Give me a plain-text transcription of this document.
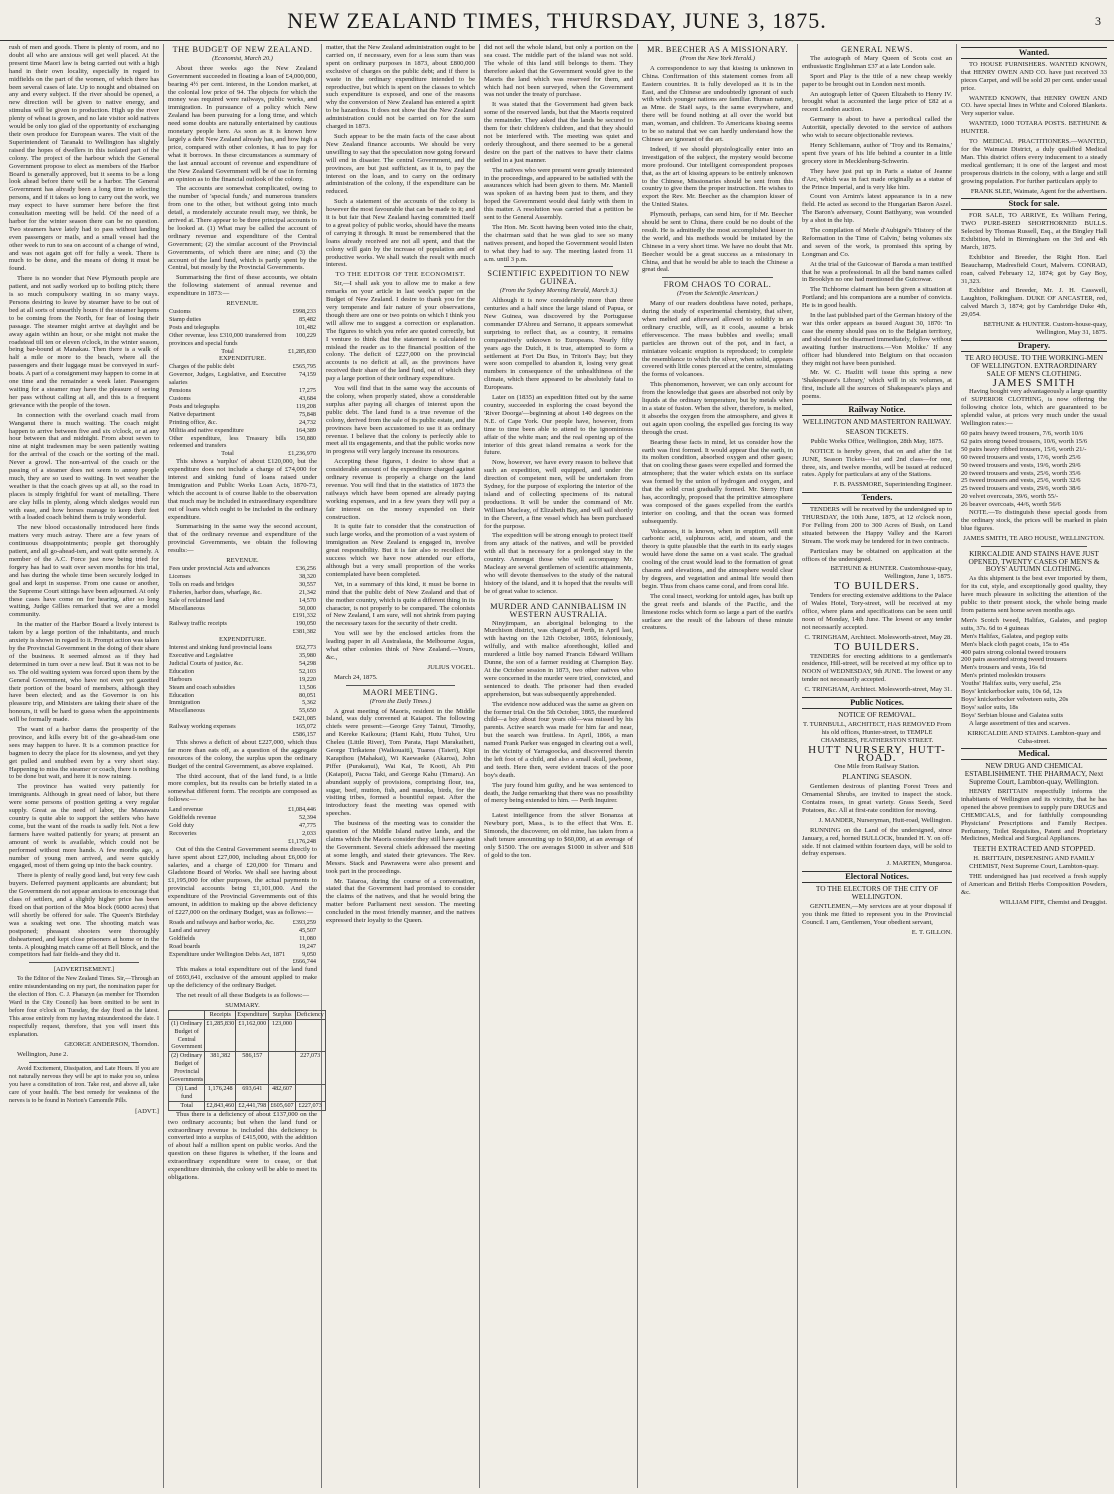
NEW ZEALAND TIMES, THURSDAY, JUNE 3, 1875.	3

rush of men and goods. There is plenty of room, and no doubt all who are anxious will get well placed. At the present time Maori law is being carried out with a high hand in their own locality, especially in regard to midfields on the part of the women, of which there has been several cases of late. Up to nought and obtained on any and every subject. If the river should be opened, a new direction will be given to native energy, and stimulus will be given to production. High up the river plenty of wheat is grown, and no late visitor sold natives would be only too glad of the opportunity of exchanging their own produce for European wares. The visit of the Superintendent of Taranaki to Wellington has slightly raised the hopes of dwellers in this isolated part of the colony. The project of the harbour which the General Government propose to elect as members of the Harbor Board is generally approved, but it seems to be a long look ahead before there will be a harbor. The General Government has already been a long time in selecting persons, and if it takes so long to carry out the work, we may expect to have summer here before the first consultation meeting will be held. Of the need of a harbor for the winter season there can be no question. Two steamers have lately had to pass without landing even passengers or mails, and a small vessel had the other week to run to sea on account of a change of wind, and was not again got off for fully a week. There is much to be done, and the means of doing it must be found.

There is no wonder that New Plymouth people are patient, and not sadly worked up to boiling pitch; there is so much compulsory waiting in so many ways. Persons desiring to leave by steamer have to be out of bed at all sorts of unearthly hours if the steamer happens to be coming from the North, for fear of losing their passage. The steamer might arrive at daylight and be away again within an hour, or she might not make the roadstead till ten or eleven o'clock, in the winter season, being bar-bound at Manakau. Then there is a walk of half a mile or more to the beach, where all the passengers and their luggage must be conveyed in surf-boats. A part of a consignment may happen to come in at one time and the remainder a week later. Passengers waiting for a steamer may have the pleasure of seeing her pass without calling at all, and this is a frequent grievance with the people of the town.

In connection with the overland coach mail from Wanganui there is much waiting. The coach might happen to arrive between five and six o'clock, or at any hour between that and midnight. From about seven to nine at night tradesmen may be seen patiently waiting for the arrival of the coach or the sorting of the mail. Never a growl. The non-arrival of the coach or the passing of a steamer does not seem to annoy people much, they are so used to waiting. In wet weather the weather is that the coach gives up at all, so the road in places is simply frightful for want of metalling. There are clay hills in plenty, along which sledges would run with ease, and how horses manage to keep their feet with a loaded coach behind them is truly wonderful.

The new blood occasionally introduced here finds matters very much astray. There are a few years of continuous disappointments; people get thoroughly patient, and all go-ahead-ism, and wait quite serenely. A member of the A.C. Force just now being tried for forgery has had to wait over seven months for his trial, and has during the whole time been securely lodged in goal and kept in suspense. From one cause or another, the Supreme Court sittings have been adjourned. At only these cases have come on for hearing, after so long waiting, Judge Gillies remarked that we are a model community.

In the matter of the Harbor Board a lively interest is taken by a large portion of the inhabitants, and much anxiety is shown in regard to it. Prompt action was taken by the Provincial Government in the doing of their share of the business. It seemed almost as if they had determined in turn over a new leaf. But it was not to be so. The old waiting system was forced upon them by the General Government, who have not even yet gazetted their portion of the board of members, although they have been elected; and as the Governor is on his pleasure trip, and Ministers are taking their share of the honours, it will be hard to guess when the appointments will be formally made.

The want of a harbor dams the prosperity of the province, and kills every bit of the go-ahead-ism one sees may happen to have. It is a common practice for bagmen to decry the place for its slowness, and yet they get pulled and snubbed even by a very short stay. Happening to miss the steamer or coach, there is nothing to be done but wait, and here it is now raining.

The province has waited very patiently for immigrants. Although in great need of labor, but there were some persons of position getting a very regular supply. Great as the need of labor, the Manawatu country is quite able to support the settlers who have come, but the want of the roads is sadly felt. Not a few farmers have waited patiently for years; at present an amount of work is available, which could not be performed without more hands. A few months ago, a number of young men arrived, and were quickly engaged, most of them going up into the back country.

There is plenty of really good land, but very few cash buyers. Deferred payment applicants are abundant; but the Government do not appear anxious to encourage that class of settlers, and a slightly higher price has been fixed on that portion of the Moa block (6000 acres) that will shortly be offered for sale. The Queen's Birthday was a soaking wet one. The shooting match was postponed; pheasant shooters were thoroughly disheartened, and kept close prisoners at home or in the tents. A ploughing match came off at Bell Block, and the competitors had fair fields-and they did it.

[ADVERTISEMENT.]

To the Editor of the New Zealand Times. Sir,—Through an entire misunderstanding on my part, the nomination paper for the election of Hon. C. J. Pharazyn (as member for Thorndon Ward in the City Council) has been omitted to be sent in before four o'clock on Tuesday, the day fixed as the latest. This arose entirely from my having misunderstood the date. I respectfully request, therefore, that you will insert this explanation.

GEORGE ANDERSON, Thorndon.

Wellington, June 2.

Avoid Excitement, Dissipation, and Late Hours. If you are not naturally nervous they will be apt to make you so, unless you have a constitution of iron. Take rest, and above all, take care of your health. The best remedy for weakness of the nerves is to be found in Norton's Camomile Pills.

[ADVT.]

THE BUDGET OF NEW ZEALAND.
(Economist, March 20.)

About three weeks ago the New Zealand Government succeeded in floating a loan of £4,000,000, bearing 4½ per cent. interest, in the London market, at the colonial low price of 94. The objects for which the money was required were railways, public works, and immigration. In pursuance of a policy which New Zealand has been pursuing for a long time, and which need some doubts are naturally entertained by cautious monetary people here. As soon as it is known how largely a debt New Zealand already has, and how high a price, compared with other colonies, it has to pay for what it borrows. In these circumstances a summary of the last annual account of revenue and expenditure of the New Zealand Government will be of use in forming an opinion as to the financial outlook of the colony.

The accounts are somewhat complicated, owing to the number of 'special funds,' and numerous transfers from one to the other, but without going into much detail, a moderately accurate result may, we think, be arrived at. There appear to be three principal accounts to be looked at. (1) What may be called the account of ordinary revenue and expenditure of the Central Government; (2) the similar account of the Provincial Governments, of which there are nine; and (3) the account of the land fund, which is partly spent by the Central, but mostly by the Provincial Governments.

Summarising the first of these accounts, we obtain the following statement of annual revenue and expenditure in 1873:—

REVENUE.
Customs	£998,233
Stamp duties	85,482
Posts and telegraphs	101,482
Other revenue, less £310,000 transferred from provinces and special funds	100,229
Total	£1,285,830
EXPENDITURE.
Charges of the public debt	£565,795
Governor, Judges, Legislative, and Executive salaries	74,159
Pensions	17,275
Customs	43,684
Posts and telegraphs	119,208
Native department	75,848
Printing office, &c.	24,732
Militia and native expenditure	164,389
Other expenditure, less Treasury bills redeemed and transfers	150,880
Total	£1,236,970

This shows a 'surplus' of about £120,000, but the expenditure does not include a charge of £74,000 for interest and sinking fund of loans raised under Immigration and Public Works Loan Acts, 1870-73, which the account is of course liable to the observation that much may be included in extraordinary expenditure out of loans which ought to be included in the ordinary expenditure.

Summarising in the same way the second account, that of the ordinary revenue and expenditure of the provincial Governments, we obtain the following results:—

REVENUE.
Fees under provincial Acts and advances	£36,256
Licenses	38,320
Tolls on roads and bridges	30,557
Fisheries, harbor dues, wharfage, &c.	21,342
Sale of reclaimed land	14,570
Miscellaneous	50,000
	£191,332
Railway traffic receipts	190,050
	£381,382
EXPENDITURE.
Interest and sinking fund provincial loans	£62,773
Executive and Legislative	35,980
Judicial Courts of justice, &c.	54,298
Education	52,103
Harbours	19,220
Steam and coach subsidies	13,506
Education	80,051
Immigration	5,362
Miscellaneous	55,650
	£421,085
Railway working expenses	165,072
	£586,157

This shows a deficit of about £227,000, which thus far more than eats off, as a question of the aggregate resources of the colony, the surplus upon the ordinary Budget of the central Government, as above explained.

The third account, that of the land fund, is a little more complex, but its results can be briefly stated in a somewhat different form. The receipts are composed as follows:—

Land revenue	£1,084,446
Goldfields revenue	52,394
Gold duty	47,775
Recoveries	2,033
	£1,176,248

Out of this the Central Government seems directly to have spent about £27,000, including about £6,000 for salaries, and a charge of £20,000 for Timaru and Gladstone Board of Works. We shall see having about £1,195,000 for other purposes, the actual payments to provincial accounts being £1,101,000. And the expenditure of the Provincial Governments out of this amount, in addition to making up the above deficiency of £227,000 on the ordinary Budget, was as follows:—

Roads and railways and harbor works, &c.	£393,259
Land and survey	45,507
Goldfields	11,080
Road boards	19,247
Expenditure under Wellington Debts Act, 1871	9,050
	£666,744

This makes a total expenditure out of the land fund of £693,641, exclusive of the amount applied to make up the deficiency of the ordinary Budget.

The net result of all these Budgets is as follows:—

SUMMARY.
	Receipts	Expenditure	Surplus	Deficiency
(1) Ordinary Budget of Central Government	£1,285,830	£1,162,000	123,000	
(2) Ordinary Budget of Provincial Governments	381,382	586,157		227,073
(3) Land fund	1,176,248	693,641	482,607	
Total	£2,843,460	£2,441,798	£605,607	£227,073

Thus there is a deficiency of about £137,000 on the two ordinary accounts; but when the land fund or extraordinary revenue is included this deficiency is converted into a surplus of £415,000, with the addition of about half a million spent on public works. And the question on these figures is whether, if the loans and extraordinary expenditure were to cease, or that expenditure diminish, the colony will be able to meet its obligations.

matter, that the New Zealand administration ought to be carried on, if necessary, even for a less sum than was spent on ordinary purposes in 1873, about £800,000 exclusive of charges on the public debt; and if there is waste in the ordinary expenditure intended to be reproductive, but which is spent on the classes to which such expenditure is exposed, and one of the reasons why the conversion of New Zealand has entered a spirit to be hazardous. It does not show that the New Zealand administration could not be carried on for the sum charged in 1873.

Such appear to be the main facts of the case about New Zealand finance accounts. We should be very unwilling to say that the speculation now going forward will end in disaster. The central Government, and the provinces, are but just sufficient, as it is, to pay the interest on the loan, and to carry on the ordinary administration of the colony, if the expenditure can be reduced.

Such a statement of the accounts of the colony is however the most favourable that can be made to it; and it is but fair that New Zealand having committed itself to a great policy of public works, should have the means of carrying it through. It must be remembered that the loans already received are not all spent, and that the colony will gain by the increase of population and of productive works. We shall watch the result with much interest.

TO THE EDITOR OF THE ECONOMIST.

Sir,—I shall ask you to allow me to make a few remarks on your article in last week's paper on the Budget of New Zealand. I desire to thank you for the very temperate and fair nature of your observations, though there are one or two points on which I think you will allow me to suggest a correction or explanation. The figures to which you refer are quoted correctly, but I venture to think that the statement is calculated to mislead the reader as to the financial position of the colony. The deficit of £227,000 on the provincial accounts is no deficit at all, as the provinces have received their share of the land fund, out of which they pay a large portion of their ordinary expenditure.

You will find that in the same way the accounts of the colony, when properly stated, show a considerable surplus after paying all charges of interest upon the public debt. The land fund is a true revenue of the colony, derived from the sale of its public estate, and the provinces have been accustomed to use it as ordinary revenue. I believe that the colony is perfectly able to meet all its engagements, and that the public works now in progress will very largely increase its resources.

Accepting these figures, I desire to show that a considerable amount of the expenditure charged against ordinary revenue is properly a charge on the land revenue. You will find that in the statistics of 1873 the railways which have been opened are already paying working expenses, and in a few years they will pay a fair interest on the money expended on their construction.

It is quite fair to consider that the construction of such large works, and the promotion of a vast system of immigration as New Zealand is engaged in, involve great responsibility. But it is fair also to recollect the success which we have now attended our efforts, although but a very small proportion of the works contemplated have been completed.

Yet, in a summary of this kind, it must be borne in mind that the public debt of New Zealand and that of the mother country, which is quite a different thing in its character, is not properly to be compared. The colonists of New Zealand, I am sure, will not shrink from paying the necessary taxes for the security of their credit.

You will see by the enclosed articles from the leading paper in all Australasia, the Melbourne Argus, what other colonies think of New Zealand.—Yours, &c.,

JULIUS VOGEL.

March 24, 1875.

MAORI MEETING.
(From the Daily Times.)

A great meeting of Maoris, resident in the Middle Island, was duly convened at Kaiapoi. The following chiefs were present:—George Grey Tainui, Timothy, and Kereke Kaikoura; (Hami Kahi, Hutu Tuhoi, Uru Cheleu (Little River), Tom Parata, Hapi Marakaiheti, George Tirikatene (Waikouaiti), Tuarea (Taieri), Kipi Karapihou (Mahakai), Wi Kaewaeke (Akaroa), John Piffer (Purakanui), Wai Kai, Te Kooti, Ah Piti (Kaiapoi), Pacoa Taki, and George Kahu (Timaru). An abundant supply of provisions, comprising flour, tea, sugar, beef, mutton, fish, and manuka, birds, for the visiting tribes, formed a bountiful repast. After the introductory feast the meeting was opened with speeches.

The business of the meeting was to consider the question of the Middle Island native lands, and the claims which the Maoris consider they still have against the Government. Several chiefs addressed the meeting at some length, and stated their grievances. The Rev. Messrs. Stack and Pawrawera were also present and took part in the proceedings.

Mr. Taiaroa, during the course of a conversation, stated that the Government had promised to consider the claims of the natives, and that he would bring the matter before Parliament next session. The meeting concluded in the most friendly manner, and the natives expressed their loyalty to the Queen.

did not sell the whole island, but only a portion on the sea coast. The middle part of the island was not sold. The whole of this land still belongs to them. They therefore asked that the Government would give to the Maoris the land which was reserved for them, and which had not been surveyed, when the Government was not under the treaty of purchase.

It was stated that the Government had given back some of the reserved lands, but that the Maoris required the remainder. They asked that the lands be secured to them for their children's children, and that they should not be interfered with. The meeting was quiet and orderly throughout, and there seemed to be a general desire on the part of the natives to have their claims settled in a just manner.

The natives who were present were greatly interested in the proceedings, and appeared to be satisfied with the assurances which had been given to them. Mr. Mantell was spoken of as having been just to them, and they hoped the Government would deal fairly with them in this matter. A resolution was carried that a petition be sent to the General Assembly.

The Hon. Mr. Scott having been voted into the chair, the chairman said that he was glad to see so many natives present, and hoped the Government would listen to what they had to say. The meeting lasted from 11 a.m. until 3 p.m.

SCIENTIFIC EXPEDITION TO NEW GUINEA.
(From the Sydney Morning Herald, March 3.)

Although it is now considerably more than three centuries and a half since the large island of Papua, or New Guinea, was discovered by the Portuguese commander D'Abreu and Serrano, it appears somewhat surprising to reflect that, as a country, it remains comparatively unknown to Europeans. Nearly fifty years ago the Dutch, it is true, attempted to form a settlement at Fort Du Bus, in Triton's Bay; but they were soon compelled to abandon it, losing very great numbers in consequence of the unhealthiness of the climate, which there appeared to be absolutely fatal to Europeans.

Later on (1835) an expedition fitted out by the same country, succeeded in exploring the coast beyond the 'River Doorga'—beginning at about 140 degrees on the N.E. of Cape York. Our people have, however, from time to time been able to attend to the ignominious affair of the white man; and the real opening up of the interior of this great island remains a work for the future.

Now, however, we have every reason to believe that such an expedition, well equipped, and under the direction of competent men, will be undertaken from Sydney, for the purpose of exploring the interior of the island and of collecting specimens of its natural productions. It will be under the command of Mr. William Macleay, of Elizabeth Bay, and will sail shortly in the Chevert, a fine vessel which has been purchased for the purpose.

The expedition will be strong enough to protect itself from any attack of the natives, and will be provided with all that is necessary for a prolonged stay in the country. Amongst those who will accompany Mr. Macleay are several gentlemen of scientific attainments, who will devote themselves to the study of the natural history of the island, and it is hoped that the results will be of great value to science.

MURDER AND CANNIBALISM IN WESTERN AUSTRALIA.

Ninyjimpam, an aboriginal belonging to the Murchison district, was charged at Perth, in April last, with having on the 12th October, 1865, feloniously, wilfully, and with malice aforethought, killed and murdered a little boy named Francis Edward William Dunne, the son of a farmer residing at Champion Bay. At the October session in 1873, two other natives who were concerned in the murder were tried, convicted, and sentenced to death. The prisoner had then evaded apprehension, but was subsequently apprehended.

The evidence now adduced was the same as given on the former trial. On the 5th October, 1865, the murdered child—a boy about four years old—was missed by his parents. Active search was made for him far and near, but the search was fruitless. In April, 1866, a man named Frank Parker was engaged in clearing out a well, in the vicinity of Yarragoocka, and discovered therein the left foot of a child, and also a small skull, jawbone, and teeth. Here then, were evident traces of the poor boy's death.

The jury found him guilty, and he was sentenced to death, the Judge remarking that there was no possibility of mercy being extended to him. — Perth Inquirer.

Latest intelligence from the silver Bonanza at Newbury port, Mass., is to the effect that Wm. E. Simonds, the discoverer, on old mine, has taken from a shaft tenure amounting up to $60,000, at an average of only $1500. The ore averages $1000 in silver and $18 of gold to the ton.

MR. BEECHER AS A MISSIONARY.
(From the New York Herald.)

A correspondence to say that kissing is unknown in China. Confirmation of this statement comes from all Eastern countries. It is fully developed as it is in the East, and the Chinese are undoubtedly ignorant of such with which younger nations are familiar. Human nature, as Mme. de Staël says, is the same everywhere, and there will be found nothing at all over the world but man, woman, and children. To Americans kissing seems to be so natural that we can hardly understand how the Chinese are ignorant of the art.

Indeed, if we should physiologically enter into an investigation of the subject, the mystery would become more profound. Our intelligent correspondent proposes that, as the art of kissing appears to be entirely unknown to the Chinese, Missionaries should be sent from this country to give them the proper instruction. He wishes to export the Rev. Mr. Beecher as the champion kisser of the United States.

Plymouth, perhaps, can send him, for if Mr. Beecher should be sent to China, there could be no doubt of the result. He is admittedly the most accomplished kisser in the world, and his methods would be imitated by the Chinese in a very short time. We have no doubt that Mr. Beecher would be a great success as a missionary in China, and that he would be able to teach the Chinese a great deal.

FROM CHAOS TO CORAL.
(From the Scientific American.)

Many of our readers doubtless have noted, perhaps, during the study of experimental chemistry, that silver, when melted and afterward allowed to solidify in an ordinary crucible, will, as it cools, assume a brisk effervescence. The mass bubbles and swells; small particles are thrown out of the pot, and in fact, a miniature volcanic eruption is reproduced; to complete the resemblance to which the silver, when solid, appears covered with little cones pierced at the centre, simulating the forms of volcanoes.

This phenomenon, however, we can only account for from the knowledge that gases are absorbed not only by liquids at the ordinary temperature, but by metals when in a state of fusion. When the silver, therefore, is melted, it absorbs the oxygen from the atmosphere, and gives it out again upon cooling, the expelled gas forcing its way through the crust.

Bearing these facts in mind, let us consider how the earth was first formed. It would appear that the earth, in its molten condition, absorbed oxygen and other gases; that on cooling these gases were expelled and formed the atmosphere; that the water which exists on its surface was formed by the union of hydrogen and oxygen, and that the solid crust gradually formed. Mr. Sterry Hunt has, accordingly, proposed that the primitive atmosphere was composed of the gases expelled from the earth's interior on cooling, and that the ocean was formed subsequently.

Volcanoes, it is known, when in eruption will emit carbonic acid, sulphurous acid, and steam, and the theory is quite plausible that the earth in its early stages would have done the same on a vast scale. The gradual cooling of the crust would lead to the formation of great chasms and elevations, and the atmosphere would clear by degrees, and vegetation and animal life would then begin. Thus from chaos came coral, and from coral life.

The coral insect, working for untold ages, has built up the great reefs and islands of the Pacific, and the limestone rocks which form so large a part of the earth's surface are the result of the labours of these minute creatures.

GENERAL NEWS.

The autograph of Mary Queen of Scots cost an enthusiastic Englishman £37 at a late London sale.

Sport and Play is the title of a new cheap weekly paper to be brought out in London next month.

An autograph letter of Queen Elizabeth to Henry IV. brought what is accounted the large price of £82 at a recent London auction.

Germany is about to have a periodical called the Autorität, specially devoted to the service of authors who wish to secure objectionable reviews.

Henry Schliemann, author of 'Troy and its Remains,' spent five years of his life behind a counter in a little grocery store in Mecklenburg-Schwerin.

They have just put up in Paris a statue of Jeanne d'Arc, which was in fact made originally as a statue of the Prince Imperial, and is very like him.

Count von Arnim's latest appearance is in a new field. He acted as second to the Hungarian Baron Aszel. The Baron's adversary, Count Batthyany, was wounded by a shot in the hip.

The compilation of Merle d'Aubigné's 'History of the Reformation in the Time of Calvin,' being volumes six and seven of the work, is promised this spring by Longman and Co.

At the trial of the Guicowar of Baroda a man testified that he was a professional. In all the band names called in Brooklyn no one had mentioned the Guicowar.

The Tichborne claimant has been given a situation at Portland; and his companions are a number of convicts. He is in good health.

In the last published part of the German history of the war this order appears as issued August 30, 1870: 'In case the enemy should pass on to the Belgian territory, and should not be disarmed immediately, follow without awaiting further instructions.—Von Moltke.' If any officer had blundered into Belgium on that occasion they might not have been punished.

Mr. W. C. Hazlitt will issue this spring a new 'Shakespeare's Library,' which will in six volumes, at first, include all the sources of Shakespeare's plays and poems.

Railway Notice.
WELLINGTON AND MASTERTON RAILWAY.
SEASON TICKETS.

Public Works Office, Wellington, 28th May, 1875.

NOTICE is hereby given, that on and after the 1st JUNE, Season Tickets—1st and 2nd class—for one, three, six, and twelve months, will be issued at reduced rates. Apply for particulars at any of the Stations.

F. B. PASSMORE, Superintending Engineer.

Tenders.

TENDERS will be received by the undersigned up to THURSDAY, the 10th June, 1875, at 12 o'clock noon, For Felling from 200 to 300 Acres of Bush, on Land situated between the Happy Valley and the Karori Stream. The work may be tendered for in two contracts.

Particulars may be obtained on application at the offices of the undersigned.

BETHUNE & HUNTER. Customhouse-quay, Wellington, June 1, 1875.

TO BUILDERS.

Tenders for erecting extensive additions to the Palace of Wales Hotel, Tory-street, will be received at my office, where plans and specifications can be seen until noon of Monday, 14th June. The lowest or any tender not necessarily accepted.

C. TRINGHAM, Architect. Molesworth-street, May 28.

TO BUILDERS.

TENDERS for erecting additions to a gentleman's residence, Hill-street, will be received at my office up to NOON of WEDNESDAY, 9th JUNE. The lowest or any tender not necessarily accepted.

C. TRINGHAM, Architect. Molesworth-street, May 31.

Public Notices.
NOTICE OF REMOVAL.

T. TURNBULL, ARCHITECT, HAS REMOVED From his old offices, Hunter-street, to TEMPLE CHAMBERS, FEATHERSTON STREET.

HUTT NURSERY, HUTT-ROAD.

One Mile from Railway Station.

PLANTING SEASON.

Gentlemen desirous of planting Forest Trees and Ornamental Shrubs, are invited to inspect the stock. Contains roses, in great variety. Grass Seeds, Seed Potatoes, &c. All at first-rate condition for moving.

J. MANDER, Nurseryman, Hutt-road, Wellington.

RUNNING on the Land of the undersigned, since January, a red, horned BULLOCK, branded H. Y. on off-side. If not claimed within fourteen days, will be sold to defray expenses.

J. MARTEN, Mungaroa.

Electoral Notices.
TO THE ELECTORS OF THE CITY OF WELLINGTON.

GENTLEMEN,—My services are at your disposal if you think me fitted to represent you in the Provincial Council. I am, Gentlemen, Your obedient servant,

E. T. GILLON.

Wanted.

TO HOUSE FURNISHERS. WANTED KNOWN, that HENRY OWEN AND CO. have just received 33 pieces Carpet, and will be sold 20 per cent. under usual price.

WANTED KNOWN, that HENRY OWEN AND CO. have special lines in White and Colored Blankets. Very superior value.

WANTED, 1000 TOTARA POSTS. BETHUNE & HUNTER.

TO MEDICAL PRACTITIONERS.—WANTED, for the Waimate District, a duly qualified Medical Man. This district offers every inducement to a steady medical gentleman; it is one of the largest and most prosperous districts in the colony, with a large and still growing population. For further particulars apply to

FRANK SLEE, Waimate, Agent for the advertisers.

Stock for sale.

FOR SALE, TO ARRIVE, Ex William Fering, TWO PURE-BRED SHORTHORNED BULLS. Selected by Thomas Russell, Esq., at the Bingley Hall Exhibition, held in Birmingham on the 3rd and 4th March, 1875.

Exhibitor and Breeder, the Right Hon. Earl Beauchamp, Madresfield Court, Malvern. CONRAD, roan, calved February 12, 1874; got by Gay Boy, 31,323.

Exhibitor and Breeder, Mr. J. H. Casswell, Laughton, Folkingham. DUKE OF ANCASTER, red, calved March 3, 1874; got by Cambridge Duke 4th, 29,054.

BETHUNE & HUNTER. Custom-house-quay, Wellington, May 31, 1875.

Drapery.
TE ARO HOUSE. TO THE WORKING-MEN OF WELLINGTON. EXTRAORDINARY SALE OF MEN'S CLOTHING.
JAMES SMITH

Having bought very advantageously a large quantity of SUPERIOR CLOTHING, is now offering the following choice lots, which are guaranteed to be splendid value, at prices very much under the usual Wellington rates:—

60 pairs heavy tweed trousers, 7/6, worth 10/6
62 pairs strong tweed trousers, 10/6, worth 15/6
50 pairs heavy ribbed trousers, 15/6, worth 21/-
60 tweed trousers and vests, 17/6, worth 25/6
50 tweed trousers and vests, 19/6, worth 29/6
20 tweed trousers and vests, 25/6, worth 35/6
25 tweed trousers and vests, 25/6, worth 32/6
25 tweed trousers and vests, 29/6, worth 38/6
20 velvet overcoats, 39/6, worth 55/-
26 beaver overcoats, 44/6, worth 56/6

NOTE.—To distinguish these special goods from the ordinary stock, the prices will be marked in plain blue figures.

JAMES SMITH, TE ARO HOUSE, WELLINGTON.

KIRKCALDIE AND STAINS HAVE JUST OPENED, TWENTY CASES OF MEN'S & BOYS' AUTUMN CLOTHING.

As this shipment is the best ever imported by them, for its cut, style, and exceptionally good quality, they have much pleasure in soliciting the attention of the public to their present stock, the whole being made from patterns sent home seven months ago.

Men's Scotch tweed, Halifax, Galates, and pegtop suits, 37s. 6d to 4 guineas
Men's Halifax, Galatea, and pegtop suits
Men's black cloth pagot coats, 15s to 45s
400 pairs strong colonial tweed trousers
200 pairs assorted strong tweed trousers
Men's trousers and vests, 16s 6d
Men's printed moleskin trousers
Youths' Halifax suits, very useful, 25s
Boys' knickerbocker suits, 10s 6d, 12s
Boys' knickerbocker velveteen suits, 20s
Boys' sailor suits, 18s
Boys' Serbian blouse and Galatea suits

A large assortment of ties and scarves.

KIRKCALDIE AND STAINS. Lambton-quay and Cuba-street.

Medical.
NEW DRUG AND CHEMICAL ESTABLISHMENT. THE PHARMACY, Next Supreme Court, Lambton-quay, Wellington.

HENRY BRITTAIN respectfully informs the inhabitants of Wellington and its vicinity, that he has opened the above premises to supply pure DRUGS and CHEMICALS, and for faithfully compounding Physicians' Prescriptions and Family Recipes. Perfumery, Toilet Requisites, Patent and Proprietary Medicines, Medical and Surgical Appliances.

TEETH EXTRACTED AND STOPPED.

H. BRITTAIN, DISPENSING AND FAMILY CHEMIST, Next Supreme Court, Lambton-quay.

THE undersigned has just received a fresh supply of American and British Herbs Composition Powders, &c.

WILLIAM FIFE, Chemist and Druggist.
